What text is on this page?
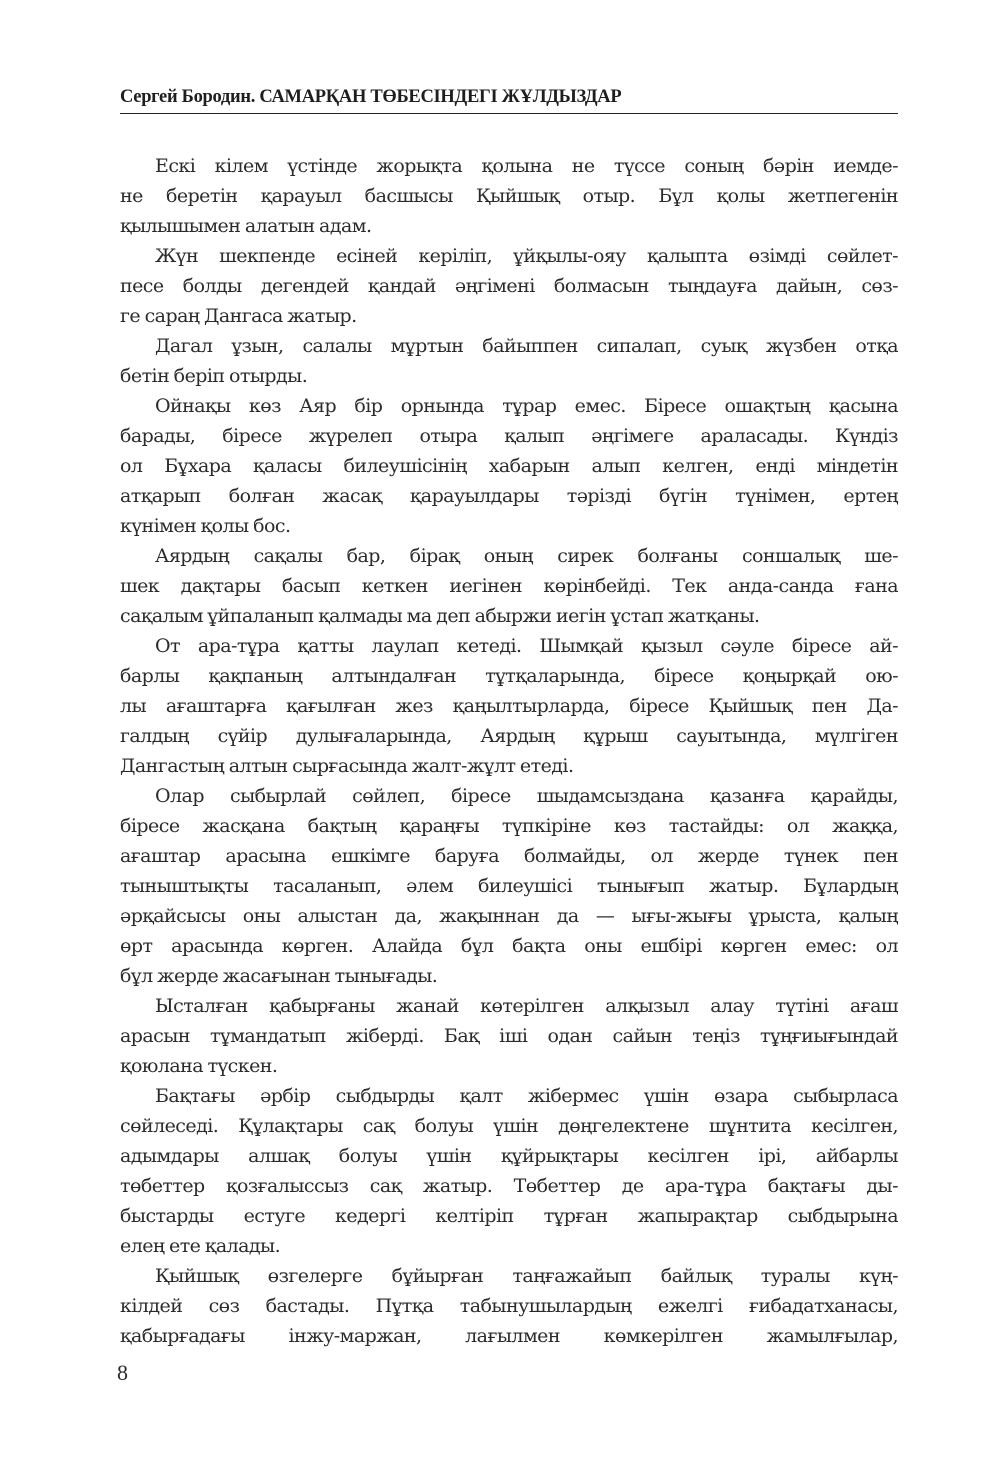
Сергей Бородин. САМАРҚАН ТӨБЕСІНДЕГІ ЖҰЛДЫЗДАР
Ескі кілем үстінде жорықта қолына не түссе соның бәрін иемде-
не беретін қарауыл басшысы Қыйшық отыр. Бұл қолы жетпегенін
қылышымен алатын адам.
Жүн шекпенде есіней керіліп, ұйқылы-ояу қалыпта өзімді сөйлет-
песе болды дегендей қандай әңгімені болмасын тыңдауға дайын, сөз-
ге сараң Дангаса жатыр.
Дагал ұзын, салалы мұртын байыппен сипалап, суық жүзбен отқа
бетін беріп отырды.
Ойнақы көз Аяр бір орнында тұрар емес. Біресе ошақтың қасына
барады, біресе жүрелеп отыра қалып әңгімеге араласады. Күндіз
ол Бұхара қаласы билеушісінің хабарын алып келген, енді міндетін
атқарып болған жасақ қарауылдары тәрізді бүгін түнімен, ертең
күнімен қолы бос.
Аярдың сақалы бар, бірақ оның сирек болғаны соншалық ше-
шек дақтары басып кеткен иегінен көрінбейді. Тек анда-санда ғана
сақалым ұйпаланып қалмады ма деп абыржи иегін ұстап жатқаны.
От ара-тұра қатты лаулап кетеді. Шымқай қызыл сәуле біресе ай-
барлы қақпаның алтындалған тұтқаларында, біресе қоңырқай ою-
лы ағаштарға қағылған жез қаңылтырларда, біресе Қыйшық пен Да-
галдың сүйір дулығаларында, Аярдың құрыш сауытында, мүлгіген
Дангастың алтын сырғасында жалт-жұлт етеді.
Олар сыбырлай сөйлеп, біресе шыдамсыздана қазанға қарайды,
біресе жасқана бақтың қараңғы түпкіріне көз тастайды: ол жаққа,
ағаштар арасына ешкімге баруға болмайды, ол жерде түнек пен
тыныштықты тасаланып, әлем билеушісі тынығып жатыр. Бұлардың
әрқайсысы оны алыстан да, жақыннан да — ығы-жығы ұрыста, қалың
өрт арасында көрген. Алайда бұл бақта оны ешбірі көрген емес: ол
бұл жерде жасағынан тынығады.
Ысталған қабырғаны жанай көтерілген алқызыл алау түтіні ағаш
арасын тұмандатып жіберді. Бақ іші одан сайын теңіз тұңғиығындай
қоюлана түскен.
Бақтағы әрбір сыбдырды қалт жібермес үшін өзара сыбырласа
сөйлеседі. Құлақтары сақ болуы үшін дөңгелектене шұнтита кесілген,
адымдары алшақ болуы үшін құйрықтары кесілген ірі, айбарлы
төбеттер қозғалыссыз сақ жатыр. Төбеттер де ара-тұра бақтағы ды-
быстарды естуге кедергі келтіріп тұрған жапырақтар сыбдырына
елең ете қалады.
Қыйшық өзгелерге бұйырған таңғажайып байлық туралы күң-
кілдей сөз бастады. Пұтқа табынушылардың ежелгі ғибадатханасы,
қабырғадағы інжу-маржан, лағылмен көмкерілген жамылғылар,
8
